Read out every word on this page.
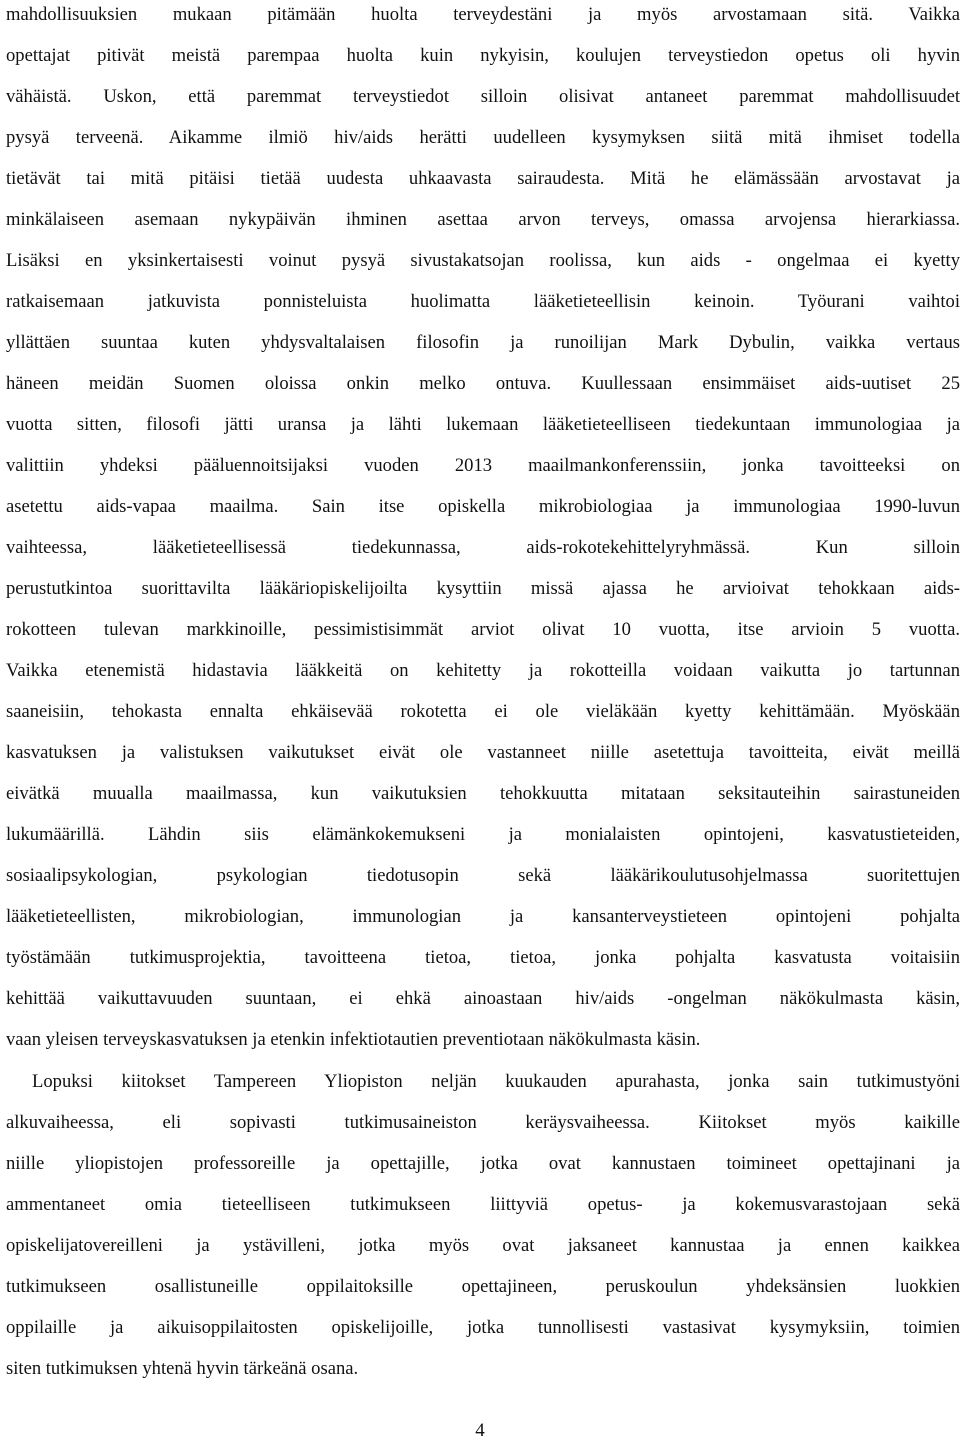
mahdollisuuksien mukaan pitämään huolta terveydestäni ja myös arvostamaan sitä. Vaikka
opettajat pitivät meistä parempaa huolta kuin nykyisin, koulujen terveystiedon opetus oli hyvin
vähäistä. Uskon, että paremmat terveystiedot silloin olisivat antaneet paremmat mahdollisuudet
pysyä terveenä. Aikamme ilmiö hiv/aids herätti uudelleen kysymyksen siitä mitä ihmiset todella
tietävät tai mitä pitäisi tietää uudesta uhkaavasta sairaudesta. Mitä he elämässään arvostavat ja
minkälaiseen asemaan nykypäivän ihminen asettaa arvon terveys, omassa arvojensa hierarkiassa.
Lisäksi en yksinkertaisesti voinut pysyä sivustakatsojan roolissa, kun aids - ongelmaa ei kyetty
ratkaisemaan jatkuvista ponnisteluista huolimatta lääketieteellisin keinoin. Työurani vaihtoi
yllättäen suuntaa kuten yhdysvaltalaisen filosofin ja runoilijan Mark Dybulin, vaikka vertaus
häneen meidän Suomen oloissa onkin melko ontuva. Kuullessaan ensimmäiset aids-uutiset 25
vuotta sitten, filosofi jätti uransa ja lähti lukemaan lääketieteelliseen tiedekuntaan immunologiaa ja
valittiin yhdeksi pääluennoitsijaksi vuoden 2013 maailmankonferenssiin, jonka tavoitteeksi on
asetettu aids-vapaa maailma. Sain itse opiskella mikrobiologiaa ja immunologiaa 1990-luvun
vaihteessa, lääketieteellisessä tiedekunnassa, aids-rokotekehittelyryhmässä. Kun silloin
perustutkintoa suorittavilta lääkäriopiskelijoilta kysyttiin missä ajassa he arvioivat tehokkaan aids-
rokotteen tulevan markkinoille, pessimistisimmät arviot olivat 10 vuotta, itse arvioin 5 vuotta.
Vaikka etenemistä hidastavia lääkkeitä on kehitetty ja rokotteilla voidaan vaikutta jo tartunnan
saaneisiin, tehokasta ennalta ehkäisevää rokotetta ei ole vieläkään kyetty kehittämään. Myöskään
kasvatuksen ja valistuksen vaikutukset eivät ole vastanneet niille asetettuja tavoitteita, eivät meillä
eivätkä muualla maailmassa, kun vaikutuksien tehokkuutta mitataan seksitauteihin sairastuneiden
lukumäärillä. Lähdin siis elämänkokemukseni ja monialaisten opintojeni, kasvatustieteiden,
sosiaalipsykologian, psykologian tiedotusopin sekä lääkärikoulutusohjelmassa suoritettujen
lääketieteellisten, mikrobiologian, immunologian ja kansanterveystieteen opintojeni pohjalta
työstämään tutkimusprojektia, tavoitteena tietoa, tietoa, jonka pohjalta kasvatusta voitaisiin
kehittää vaikuttavuuden suuntaan, ei ehkä ainoastaan hiv/aids -ongelman näkökulmasta käsin,
vaan yleisen terveyskasvatuksen ja etenkin infektiotautien preventiotaan näkökulmasta käsin.
Lopuksi kiitokset Tampereen Yliopiston neljän kuukauden apurahasta, jonka sain tutkimustyöni
alkuvaiheessa, eli sopivasti tutkimusaineiston keräysvaiheessa. Kiitokset myös kaikille
niille yliopistojen professoreille ja opettajille, jotka ovat kannustaen toimineet opettajinani ja
ammentaneet omia tieteelliseen tutkimukseen liittyviä opetus- ja kokemusvarastojaan sekä
opiskelijatovereilleni ja ystävilleni, jotka myös ovat jaksaneet kannustaa ja ennen kaikkea
tutkimukseen osallistuneille oppilaitoksille opettajineen, peruskoulun yhdeksänsien luokkien
oppilaille ja aikuisoppilaitosten opiskelijoille, jotka tunnollisesti vastasivat kysymyksiin, toimien
siten tutkimuksen yhtenä hyvin tärkeänä osana.
4
